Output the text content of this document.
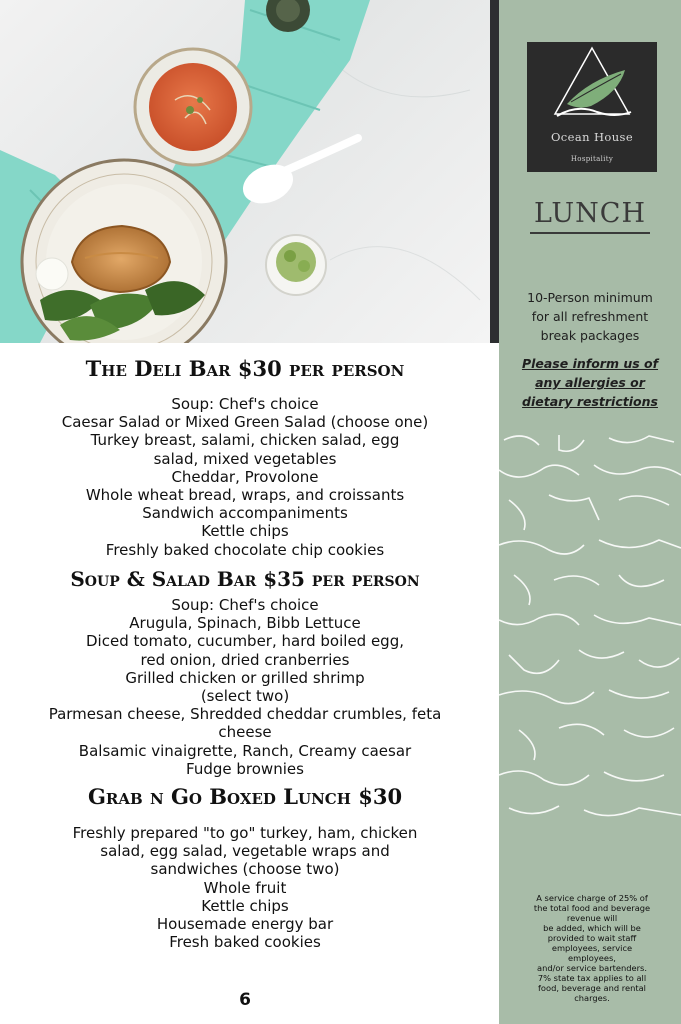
Ocean House
Hospitality
LUNCH
10-Person minimum
for all refreshment
break packages
Please inform us of
any allergies or
dietary restrictions
A service charge of 25% of
the total food and beverage
revenue will
be added, which will be
provided to wait staff
employees, service
employees,
and/or service bartenders.
7% state tax applies to all
food, beverage and rental
charges.
The Deli Bar $30 per person
Soup: Chef's choice
Caesar Salad or Mixed Green Salad (choose one)
Turkey breast, salami, chicken salad, egg
salad, mixed vegetables
Cheddar, Provolone
Whole wheat bread, wraps, and croissants
Sandwich accompaniments
Kettle chips
Freshly baked chocolate chip cookies
Soup & Salad Bar $35 per person
Soup: Chef's choice
Arugula, Spinach, Bibb Lettuce
Diced tomato, cucumber, hard boiled egg,
red onion, dried cranberries
Grilled chicken or grilled shrimp
(select two)
Parmesan cheese, Shredded cheddar crumbles, feta
cheese
Balsamic vinaigrette, Ranch, Creamy caesar
Fudge brownies
Grab n Go Boxed Lunch $30
Freshly prepared "to go" turkey, ham, chicken
salad, egg salad, vegetable wraps and
sandwiches (choose two)
Whole fruit
Kettle chips
Housemade energy bar
Fresh baked cookies
6
